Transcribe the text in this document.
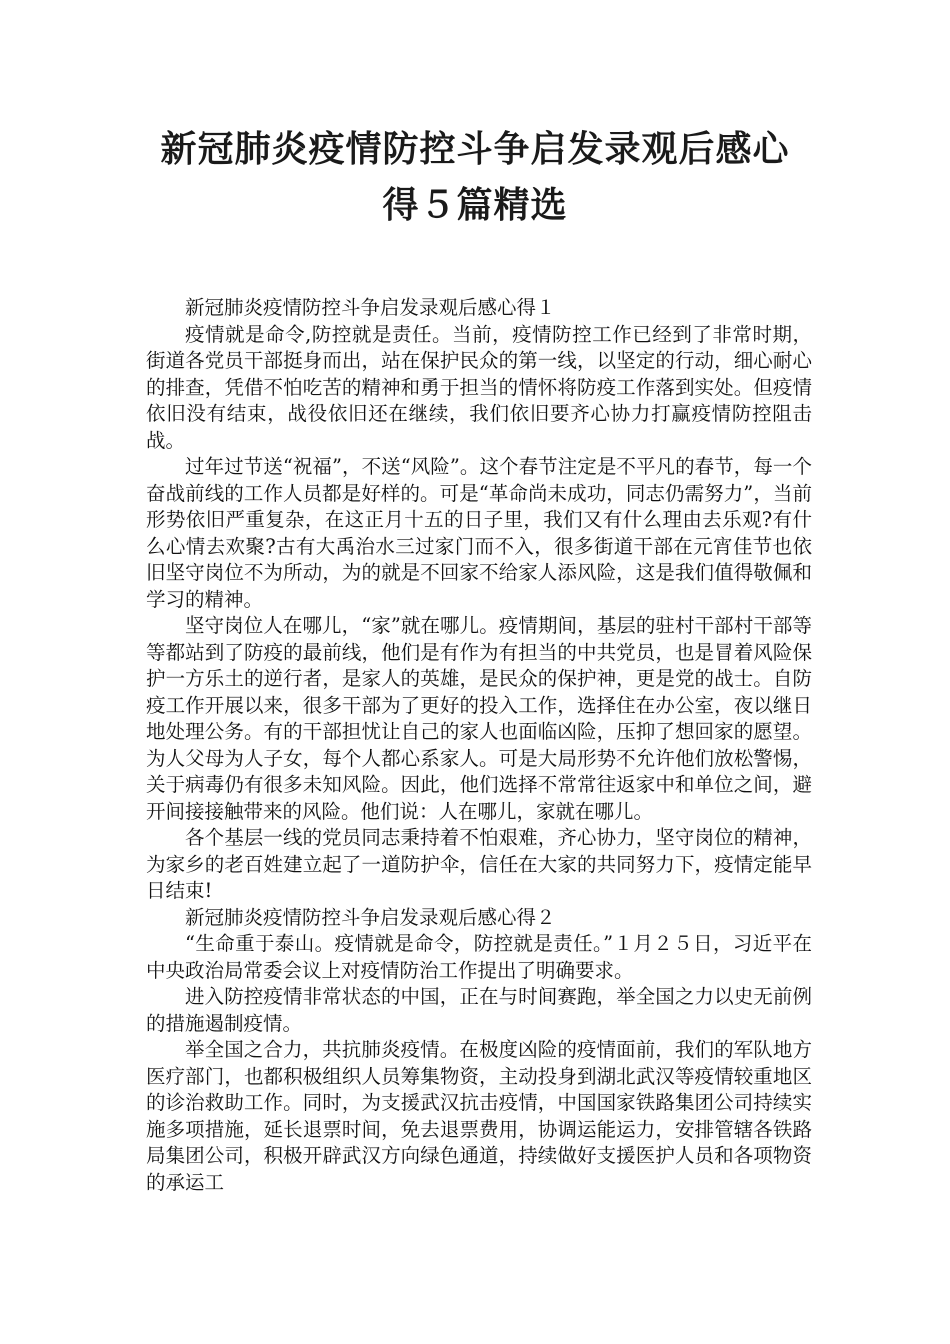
新冠肺炎疫情防控斗争启发录观后感心
得５篇精选

新冠肺炎疫情防控斗争启发录观后感心得１

疫情就是命令,防控就是责任。当前，疫情防控工作已经到了非常时期，街道各党员干部挺身而出，站在保护民众的第一线，以坚定的行动，细心耐心的排查，凭借不怕吃苦的精神和勇于担当的情怀将防疫工作落到实处。但疫情依旧没有结束，战役依旧还在继续，我们依旧要齐心协力打赢疫情防控阻击战。

过年过节送“祝福”，不送“风险”。这个春节注定是不平凡的春节，每一个奋战前线的工作人员都是好样的。可是“革命尚未成功，同志仍需努力”，当前形势依旧严重复杂，在这正月十五的日子里，我们又有什么理由去乐观?有什么心情去欢聚?古有大禹治水三过家门而不入，很多街道干部在元宵佳节也依旧坚守岗位不为所动，为的就是不回家不给家人添风险，这是我们值得敬佩和学习的精神。

坚守岗位人在哪儿，“家”就在哪儿。疫情期间，基层的驻村干部村干部等等都站到了防疫的最前线，他们是有作为有担当的中共党员，也是冒着风险保护一方乐土的逆行者，是家人的英雄，是民众的保护神，更是党的战士。自防疫工作开展以来，很多干部为了更好的投入工作，选择住在办公室，夜以继日地处理公务。有的干部担忧让自己的家人也面临凶险，压抑了想回家的愿望。为人父母为人子女，每个人都心系家人。可是大局形势不允许他们放松警惕，关于病毒仍有很多未知风险。因此，他们选择不常常往返家中和单位之间，避开间接接触带来的风险。他们说：人在哪儿，家就在哪儿。

各个基层一线的党员同志秉持着不怕艰难，齐心协力，坚守岗位的精神，为家乡的老百姓建立起了一道防护伞，信任在大家的共同努力下，疫情定能早日结束!

新冠肺炎疫情防控斗争启发录观后感心得２

“生命重于泰山。疫情就是命令，防控就是责任。”１月２５日，习近平在中央政治局常委会议上对疫情防治工作提出了明确要求。

进入防控疫情非常状态的中国，正在与时间赛跑，举全国之力以史无前例的措施遏制疫情。

举全国之合力，共抗肺炎疫情。在极度凶险的疫情面前，我们的军队地方医疗部门，也都积极组织人员筹集物资，主动投身到湖北武汉等疫情较重地区的诊治救助工作。同时，为支援武汉抗击疫情，中国国家铁路集团公司持续实施多项措施，延长退票时间，免去退票费用，协调运能运力，安排管辖各铁路局集团公司，积极开辟武汉方向绿色通道，持续做好支援医护人员和各项物资的承运工
